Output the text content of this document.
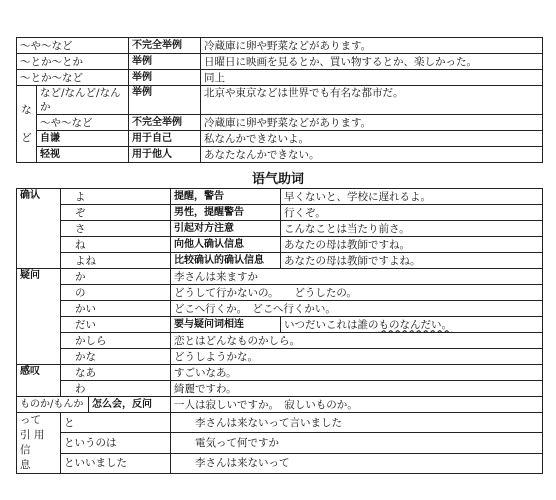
〜や〜など		不完全举例	冷蔵庫に卵や野菜などがあります。
〜とか〜とか		举例	日曜日に映画を見るとか、買い物するとか、楽しかった。
〜とか〜など		举例	同上
な

ど	など/なんど/なんか	举例	北京や東京などは世界でも有名な都市だ。
	〜や〜など	不完全举例	冷蔵庫に卵や野菜などがあります。
	自谦	用于自己	私なんかできないよ。
	轻视	用于他人	あなたなんかできない。
语气助词
确认	よ		提醒，警告	早くないと、学校に遅れるよ。
	ぞ		男性，提醒警告	行くぞ。
	さ		引起对方注意	こんなことは当たり前さ。
	ね		向他人确认信息	あなたの母は教師ですね。
	よね		比较确认的确认信息	あなたの母は教師ですよね。
疑问	か		李さんは来ますか	
	の		どうして行かないの。　　どうしたの。	
	かい		どこへ行くか。　どこへ行くかい。	
	だい		要与疑问词相连	いつだいこれは誰のものなんだい。
	かしら		恋とはどんなものかしら。	
	かな		どうしようかな。	
感叹	なあ		すごいなあ。	
	わ		綺麗ですわ。	
ものか/もんか		怎么会，反问	一人は寂しいですか。　寂しいものか。	
って
引 用 信
息	と		李さんは来ないって言いました	
	というのは		電気って何ですか	
	といいました		李さんは来ないって	
